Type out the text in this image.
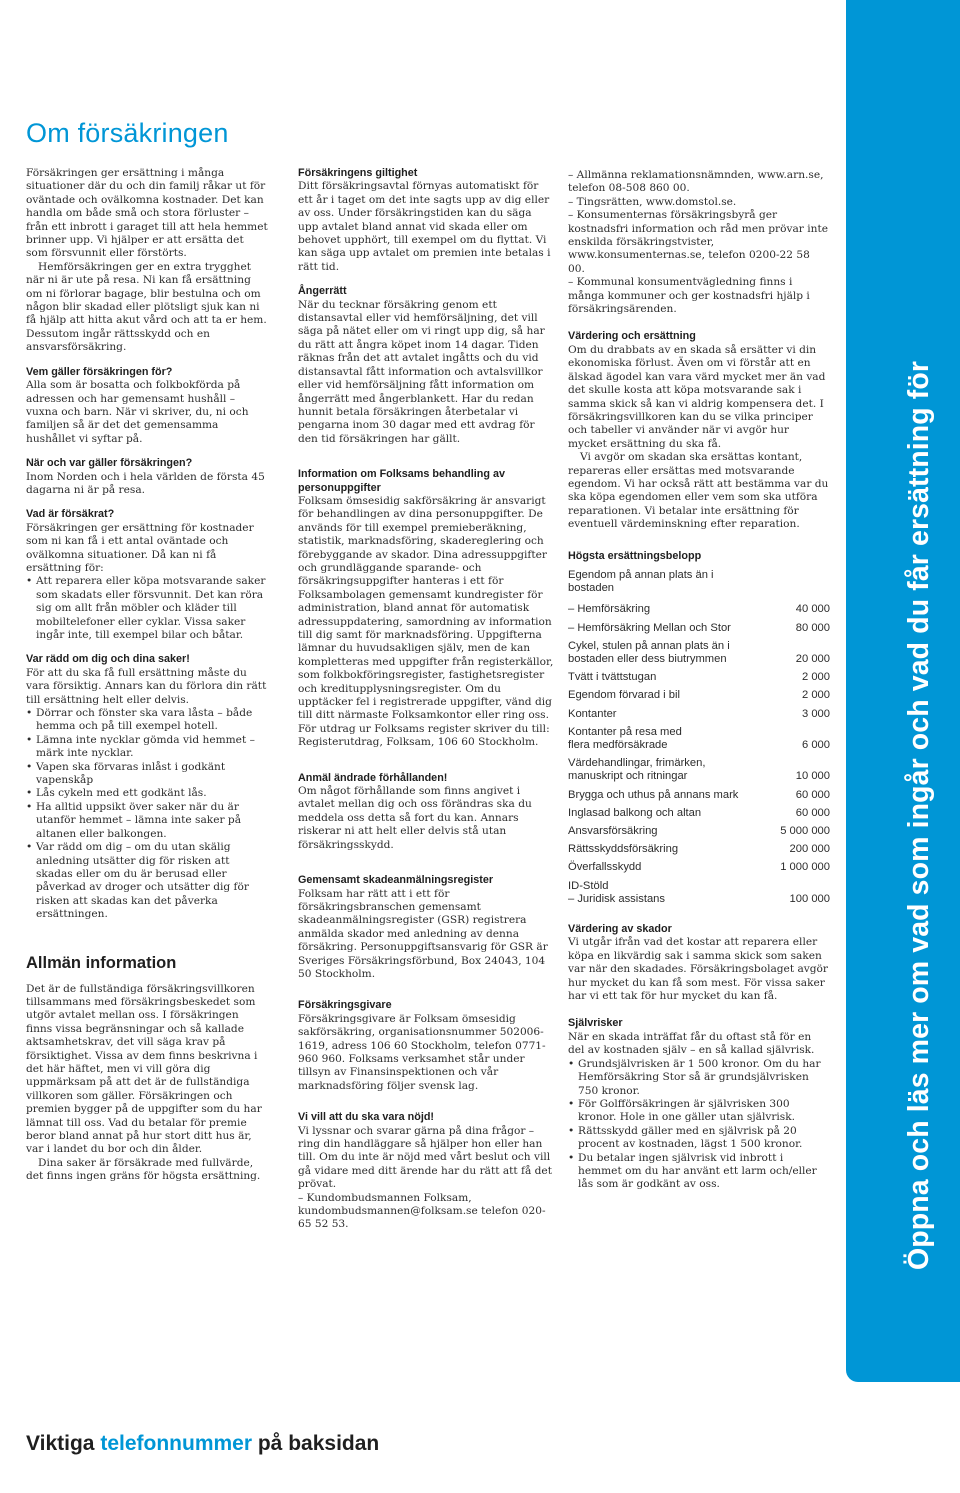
Om försäkringen

Försäkringen ger ersättning i många situationer där du och din familj råkar ut för oväntade och ovälkomna kostnader. Det kan handla om både små och stora förluster – från ett inbrott i garaget till att hela hemmet brinner upp. Vi hjälper er att ersätta det som försvunnit eller förstörts.

Hemförsäkringen ger en extra trygghet när ni är ute på resa. Ni kan få ersättning om ni förlorar bagage, blir bestulna och om någon blir skadad eller plötsligt sjuk kan ni få hjälp att hitta akut vård och att ta er hem. Dessutom ingår rättsskydd och en ansvarsförsäkring.

Vem gäller försäkringen för?

Alla som är bosatta och folkbokförda på adressen och har gemensamt hushåll – vuxna och barn. När vi skriver, du, ni och familjen så är det det gemensamma hushållet vi syftar på.

När och var gäller försäkringen?

Inom Norden och i hela världen de första 45 dagarna ni är på resa.

Vad är försäkrat?

Försäkringen ger ersättning för kostnader som ni kan få i ett antal oväntade och ovälkomna situationer. Då kan ni få ersättning för:

• Att reparera eller köpa motsvarande saker som skadats eller försvunnit. Det kan röra sig om allt från möbler och kläder till mobiltelefoner eller cyklar. Vissa saker ingår inte, till exempel bilar och båtar.
Var rädd om dig och dina saker!

För att du ska få full ersättning måste du vara försiktig. Annars kan du förlora din rätt till ersättning helt eller delvis.

• Dörrar och fönster ska vara låsta – både hemma och på till exempel hotell.
• Lämna inte nycklar gömda vid hemmet – märk inte nycklar.
• Vapen ska förvaras inlåst i godkänt vapenskåp
• Lås cykeln med ett godkänt lås.
• Ha alltid uppsikt över saker när du är utanför hemmet – lämna inte saker på altanen eller balkongen.
• Var rädd om dig – om du utan skälig anledning utsätter dig för risken att skadas eller om du är berusad eller påverkad av droger och utsätter dig för risken att skadas kan det påverka ersättningen.
Allmän information

Det är de fullständiga försäkringsvillkoren tillsammans med försäkringsbeskedet som utgör avtalet mellan oss. I försäkringen finns vissa begränsningar och så kallade aktsamhetskrav, det vill säga krav på försiktighet. Vissa av dem finns beskrivna i det här häftet, men vi vill göra dig uppmärksam på att det är de fullständiga villkoren som gäller. Försäkringen och premien bygger på de uppgifter som du har lämnat till oss. Vad du betalar för premie beror bland annat på hur stort ditt hus är, var i landet du bor och din ålder.

Dina saker är försäkrade med fullvärde, det finns ingen gräns för högsta ersättning.

Försäkringens giltighet

Ditt försäkringsavtal förnyas automatiskt för ett år i taget om det inte sagts upp av dig eller av oss. Under försäkringstiden kan du säga upp avtalet bland annat vid skada eller om behovet upphört, till exempel om du flyttat. Vi kan säga upp avtalet om premien inte betalas i rätt tid.

Ångerrätt

När du tecknar försäkring genom ett distansavtal eller vid hemförsäljning, det vill säga på nätet eller om vi ringt upp dig, så har du rätt att ångra köpet inom 14 dagar. Tiden räknas från det att avtalet ingåtts och du vid distansavtal fått information och avtalsvillkor eller vid hemförsäljning fått information om ångerrätt med ångerblankett. Har du redan hunnit betala försäkringen återbetalar vi pengarna inom 30 dagar med ett avdrag för den tid försäkringen har gällt.

Information om Folksams behandling av personuppgifter

Folksam ömsesidig sakförsäkring är ansvarigt för behandlingen av dina personuppgifter. De används för till exempel premieberäkning, statistik, marknadsföring, skadereglering och förebyggande av skador. Dina adressuppgifter och grundläggande sparande- och försäkringsuppgifter hanteras i ett för Folksambolagen gemensamt kundregister för administration, bland annat för automatisk adressuppdatering, samordning av information till dig samt för marknadsföring. Uppgifterna lämnar du huvudsakligen själv, men de kan kompletteras med uppgifter från registerkällor, som folkbokföringsregister, fastighetsregister och kreditupplysningsregister. Om du upptäcker fel i registrerade uppgifter, vänd dig till ditt närmaste Folksamkontor eller ring oss. För utdrag ur Folksams register skriver du till: Registerutdrag, Folksam, 106 60 Stockholm.

Anmäl ändrade förhållanden!

Om något förhållande som finns angivet i avtalet mellan dig och oss förändras ska du meddela oss detta så fort du kan. Annars riskerar ni att helt eller delvis stå utan försäkringsskydd.

Gemensamt skadeanmälningsregister

Folksam har rätt att i ett för försäkringsbranschen gemensamt skadeanmälningsregister (GSR) registrera anmälda skador med anledning av denna försäkring. Personuppgiftsansvarig för GSR är Sveriges Försäkringsförbund, Box 24043, 104 50 Stockholm.

Försäkringsgivare

Försäkringsgivare är Folksam ömsesidig sakförsäkring, organisationsnummer 502006-1619, adress 106 60 Stockholm, telefon 0771-960 960. Folksams verksamhet står under tillsyn av Finansinspektionen och vår marknadsföring följer svensk lag.

Vi vill att du ska vara nöjd!

Vi lyssnar och svarar gärna på dina frågor – ring din handläggare så hjälper hon eller han till. Om du inte är nöjd med vårt beslut och vill gå vidare med ditt ärende har du rätt att få det prövat.

– Kundombudsmannen Folksam, kundombudsmannen@folksam.se telefon 020-65 52 53.

– Allmänna reklamationsnämnden, www.arn.se, telefon 08-508 860 00.
– Tingsrätten, www.domstol.se.
– Konsumenternas försäkringsbyrå ger kostnadsfri information och råd men prövar inte enskilda försäkringstvister, www.konsumenternas.se, telefon 0200-22 58 00.
– Kommunal konsumentvägledning finns i många kommuner och ger kostnadsfri hjälp i försäkringsärenden.

Värdering och ersättning

Om du drabbats av en skada så ersätter vi din ekonomiska förlust. Även om vi förstår att en älskad ägodel kan vara värd mycket mer än vad det skulle kosta att köpa motsvarande sak i samma skick så kan vi aldrig kompensera det. I försäkringsvillkoren kan du se vilka principer och tabeller vi använder när vi avgör hur mycket ersättning du ska få.

Vi avgör om skadan ska ersättas kontant, repareras eller ersättas med motsvarande egendom. Vi har också rätt att bestämma var du ska köpa egendomen eller vem som ska utföra reparationen. Vi betalar inte ersättning för eventuell värdeminskning efter reparation.

Högsta ersättningsbelopp
Egendom på annan plats än i bostaden
– Hemförsäkring	40 000
– Hemförsäkring Mellan och Stor	80 000
Cykel, stulen på annan plats än i bostaden eller dess biutrymmen	20 000
Tvätt i tvättstugan	2 000
Egendom förvarad i bil	2 000
Kontanter	3 000
Kontanter på resa med flera medförsäkrade	6 000
Värdehandlingar, frimärken, manuskript och ritningar	10 000
Brygga och uthus på annans mark	60 000
Inglasad balkong och altan	60 000
Ansvarsförsäkring	5 000 000
Rättsskyddsförsäkring	200 000
Överfallsskydd	1 000 000
ID-Stöld
– Juridisk assistans	100 000
Värdering av skador

Vi utgår ifrån vad det kostar att reparera eller köpa en likvärdig sak i samma skick som saken var när den skadades. Försäkringsbolaget avgör hur mycket du kan få som mest. För vissa saker har vi ett tak för hur mycket du kan få.

Självrisker

När en skada inträffat får du oftast stå för en del av kostnaden själv – en så kallad självrisk.

• Grundsjälvrisken är 1 500 kronor. Om du har Hemförsäkring Stor så är grundsjälvrisken 750 kronor.
• För Golfförsäkringen är självrisken 300 kronor. Hole in one gäller utan självrisk.
• Rättsskydd gäller med en självrisk på 20 procent av kostnaden, lägst 1 500 kronor.
• Du betalar ingen självrisk vid inbrott i hemmet om du har använt ett larm och/eller lås som är godkänt av oss.	Öppna och läs mer om vad som ingår och vad du får ersättning för
Viktiga telefonnummer på baksidan
